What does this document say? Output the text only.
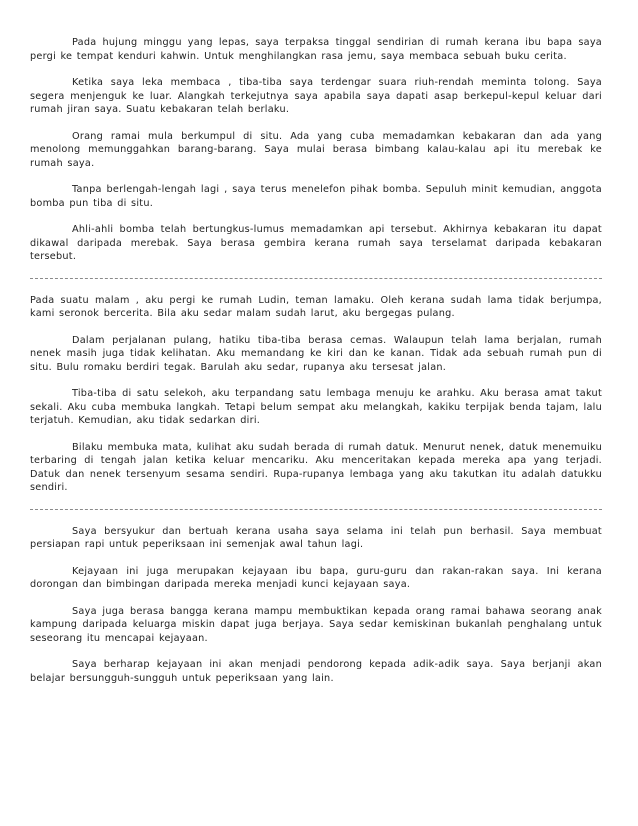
Pada hujung minggu yang lepas, saya terpaksa tinggal sendirian di rumah kerana ibu bapa saya pergi ke tempat kenduri kahwin. Untuk menghilangkan rasa jemu, saya membaca sebuah buku cerita.

Ketika saya leka membaca , tiba-tiba saya terdengar suara riuh-rendah meminta tolong. Saya segera menjenguk ke luar. Alangkah terkejutnya saya apabila saya dapati asap berkepul-kepul keluar dari rumah jiran saya. Suatu kebakaran telah berlaku.

Orang ramai mula berkumpul di situ. Ada yang cuba memadamkan kebakaran dan ada yang menolong memunggahkan barang-barang. Saya mulai berasa bimbang kalau-kalau api itu merebak ke rumah saya.

Tanpa berlengah-lengah lagi , saya terus menelefon pihak bomba. Sepuluh minit kemudian, anggota bomba pun tiba di situ.

Ahli-ahli bomba telah bertungkus-lumus memadamkan api tersebut. Akhirnya kebakaran itu dapat dikawal daripada merebak. Saya berasa gembira kerana rumah saya terselamat daripada kebakaran tersebut.

Pada suatu malam , aku pergi ke rumah Ludin, teman lamaku. Oleh kerana sudah lama tidak berjumpa, kami seronok bercerita. Bila aku sedar malam sudah larut, aku bergegas pulang.

Dalam perjalanan pulang, hatiku tiba-tiba berasa cemas. Walaupun telah lama berjalan, rumah nenek masih juga tidak kelihatan. Aku memandang ke kiri dan ke kanan. Tidak ada sebuah rumah pun di situ. Bulu romaku berdiri tegak. Barulah aku sedar, rupanya aku tersesat jalan.

Tiba-tiba di satu selekoh, aku terpandang satu lembaga menuju ke arahku. Aku berasa amat takut sekali. Aku cuba membuka langkah. Tetapi belum sempat aku melangkah, kakiku terpijak benda tajam, lalu terjatuh. Kemudian, aku tidak sedarkan diri.

Bilaku membuka mata, kulihat aku sudah berada di rumah datuk. Menurut nenek, datuk menemuiku terbaring di tengah jalan ketika keluar mencariku. Aku menceritakan kepada mereka apa yang terjadi. Datuk dan nenek tersenyum sesama sendiri. Rupa-rupanya lembaga yang aku takutkan itu adalah datukku sendiri.

Saya bersyukur dan bertuah kerana usaha saya selama ini telah pun berhasil. Saya membuat persiapan rapi untuk peperiksaan ini semenjak awal tahun lagi.

Kejayaan ini juga merupakan kejayaan ibu bapa, guru-guru dan rakan-rakan saya. Ini kerana dorongan dan bimbingan daripada mereka menjadi kunci kejayaan saya.

Saya juga berasa bangga kerana mampu membuktikan kepada orang ramai bahawa seorang anak kampung daripada keluarga miskin dapat juga berjaya. Saya sedar kemiskinan bukanlah penghalang untuk seseorang itu mencapai kejayaan.

Saya berharap kejayaan ini akan menjadi pendorong kepada adik-adik saya. Saya berjanji akan belajar bersungguh-sungguh untuk peperiksaan yang lain.
